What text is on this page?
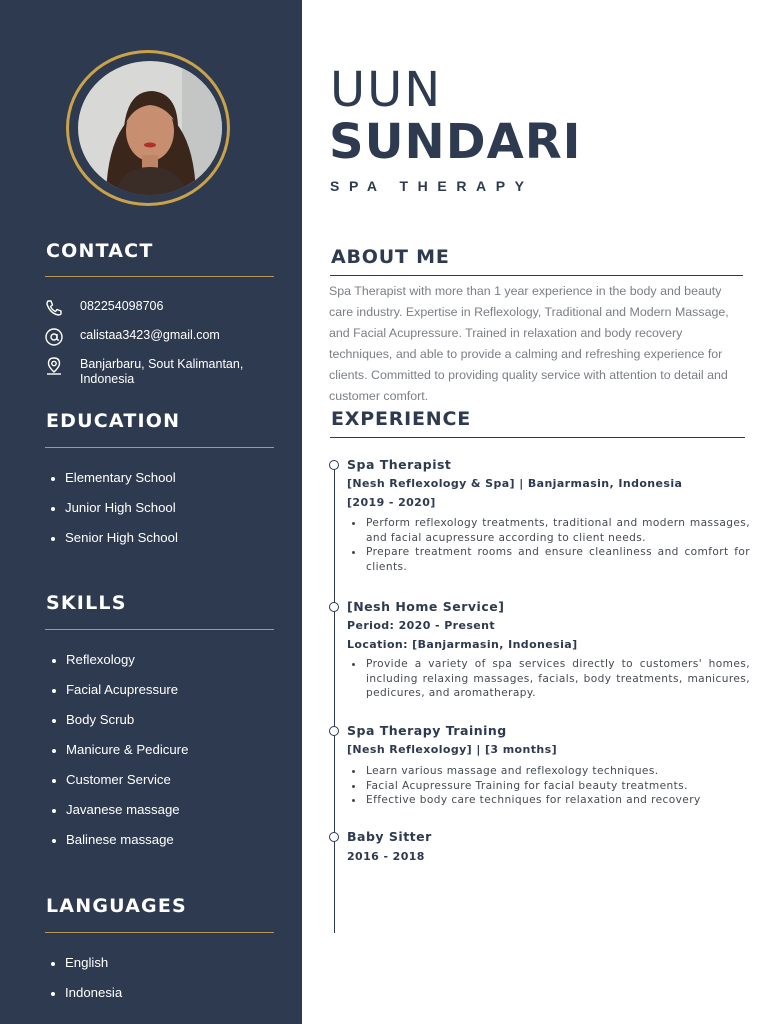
CONTACT
082254098706
calistaa3423@gmail.com
Banjarbaru, Sout Kalimantan,
Indonesia
EDUCATION
Elementary School
Junior High School
Senior High School
SKILLS
Reflexology
Facial Acupressure
Body Scrub
Manicure & Pedicure
Customer Service
Javanese massage
Balinese massage
LANGUAGES
English
Indonesia
UUN
SUNDARI
SPA THERAPY
ABOUT ME

Spa Therapist with more than 1 year experience in the body and beauty care industry. Expertise in Reflexology, Traditional and Modern Massage, and Facial Acupressure. Trained in relaxation and body recovery techniques, and able to provide a calming and refreshing experience for clients. Committed to providing quality service with attention to detail and customer comfort.

EXPERIENCE
Spa Therapist
[Nesh Reflexology & Spa] | Banjarmasin, Indonesia
[2019 - 2020]
Perform reflexology treatments, traditional and modern massages, and facial acupressure according to client needs.
Prepare treatment rooms and ensure cleanliness and comfort for clients.
[Nesh Home Service]
Period: 2020 - Present
Location: [Banjarmasin, Indonesia]
Provide a variety of spa services directly to customers' homes, including relaxing massages, facials, body treatments, manicures, pedicures, and aromatherapy.
Spa Therapy Training
[Nesh Reflexology] | [3 months]
Learn various massage and reflexology techniques.
Facial Acupressure Training for facial beauty treatments.
Effective body care techniques for relaxation and recovery
Baby Sitter
2016 - 2018
